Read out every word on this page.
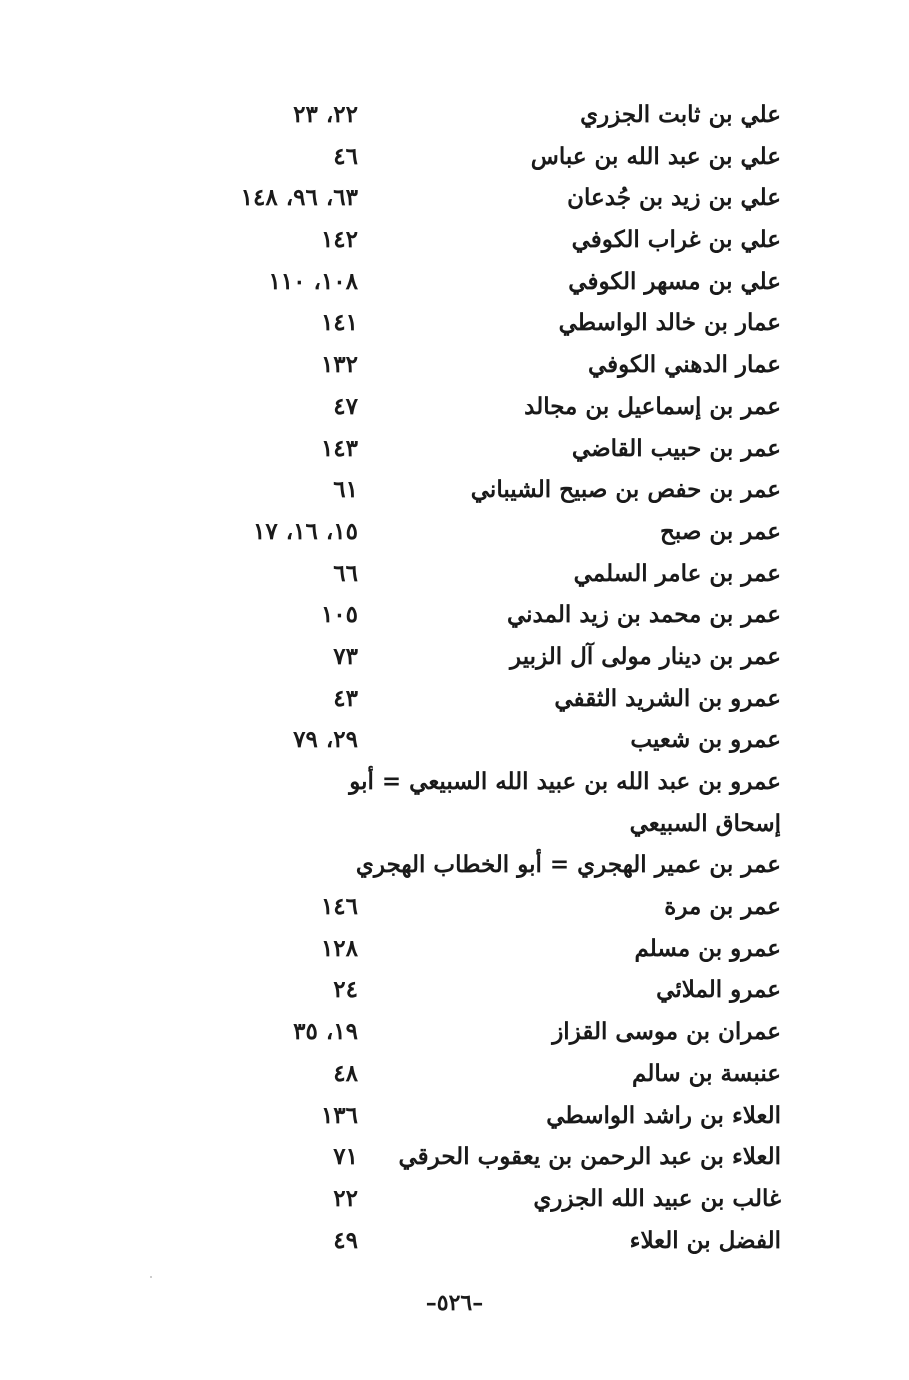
علي بن ثابت الجزري
٢٢، ٢٣
علي بن عبد الله بن عباس
٤٦
علي بن زيد بن جُدعان
٦٣، ٩٦، ١٤٨
علي بن غراب الكوفي
١٤٢
علي بن مسهر الكوفي
١٠٨، ١١٠
عمار بن خالد الواسطي
١٤١
عمار الدهني الكوفي
١٣٢
عمر بن إسماعيل بن مجالد
٤٧
عمر بن حبيب القاضي
١٤٣
عمر بن حفص بن صبيح الشيباني
٦١
عمر بن صبح
١٥، ١٦، ١٧
عمر بن عامر السلمي
٦٦
عمر بن محمد بن زيد المدني
١٠٥
عمر بن دينار مولى آل الزبير
٧٣
عمرو بن الشريد الثقفي
٤٣
عمرو بن شعيب
٢٩، ٧٩
عمرو بن عبد الله بن عبيد الله السبيعي = أبو
إسحاق السبيعي
عمر بن عمير الهجري = أبو الخطاب الهجري
عمر بن مرة
١٤٦
عمرو بن مسلم
١٢٨
عمرو الملائي
٢٤
عمران بن موسى القزاز
١٩، ٣٥
عنبسة بن سالم
٤٨
العلاء بن راشد الواسطي
١٣٦
العلاء بن عبد الرحمن بن يعقوب الحرقي
٧١
غالب بن عبيد الله الجزري
٢٢
الفضل بن العلاء
٤٩
–٥٢٦–
